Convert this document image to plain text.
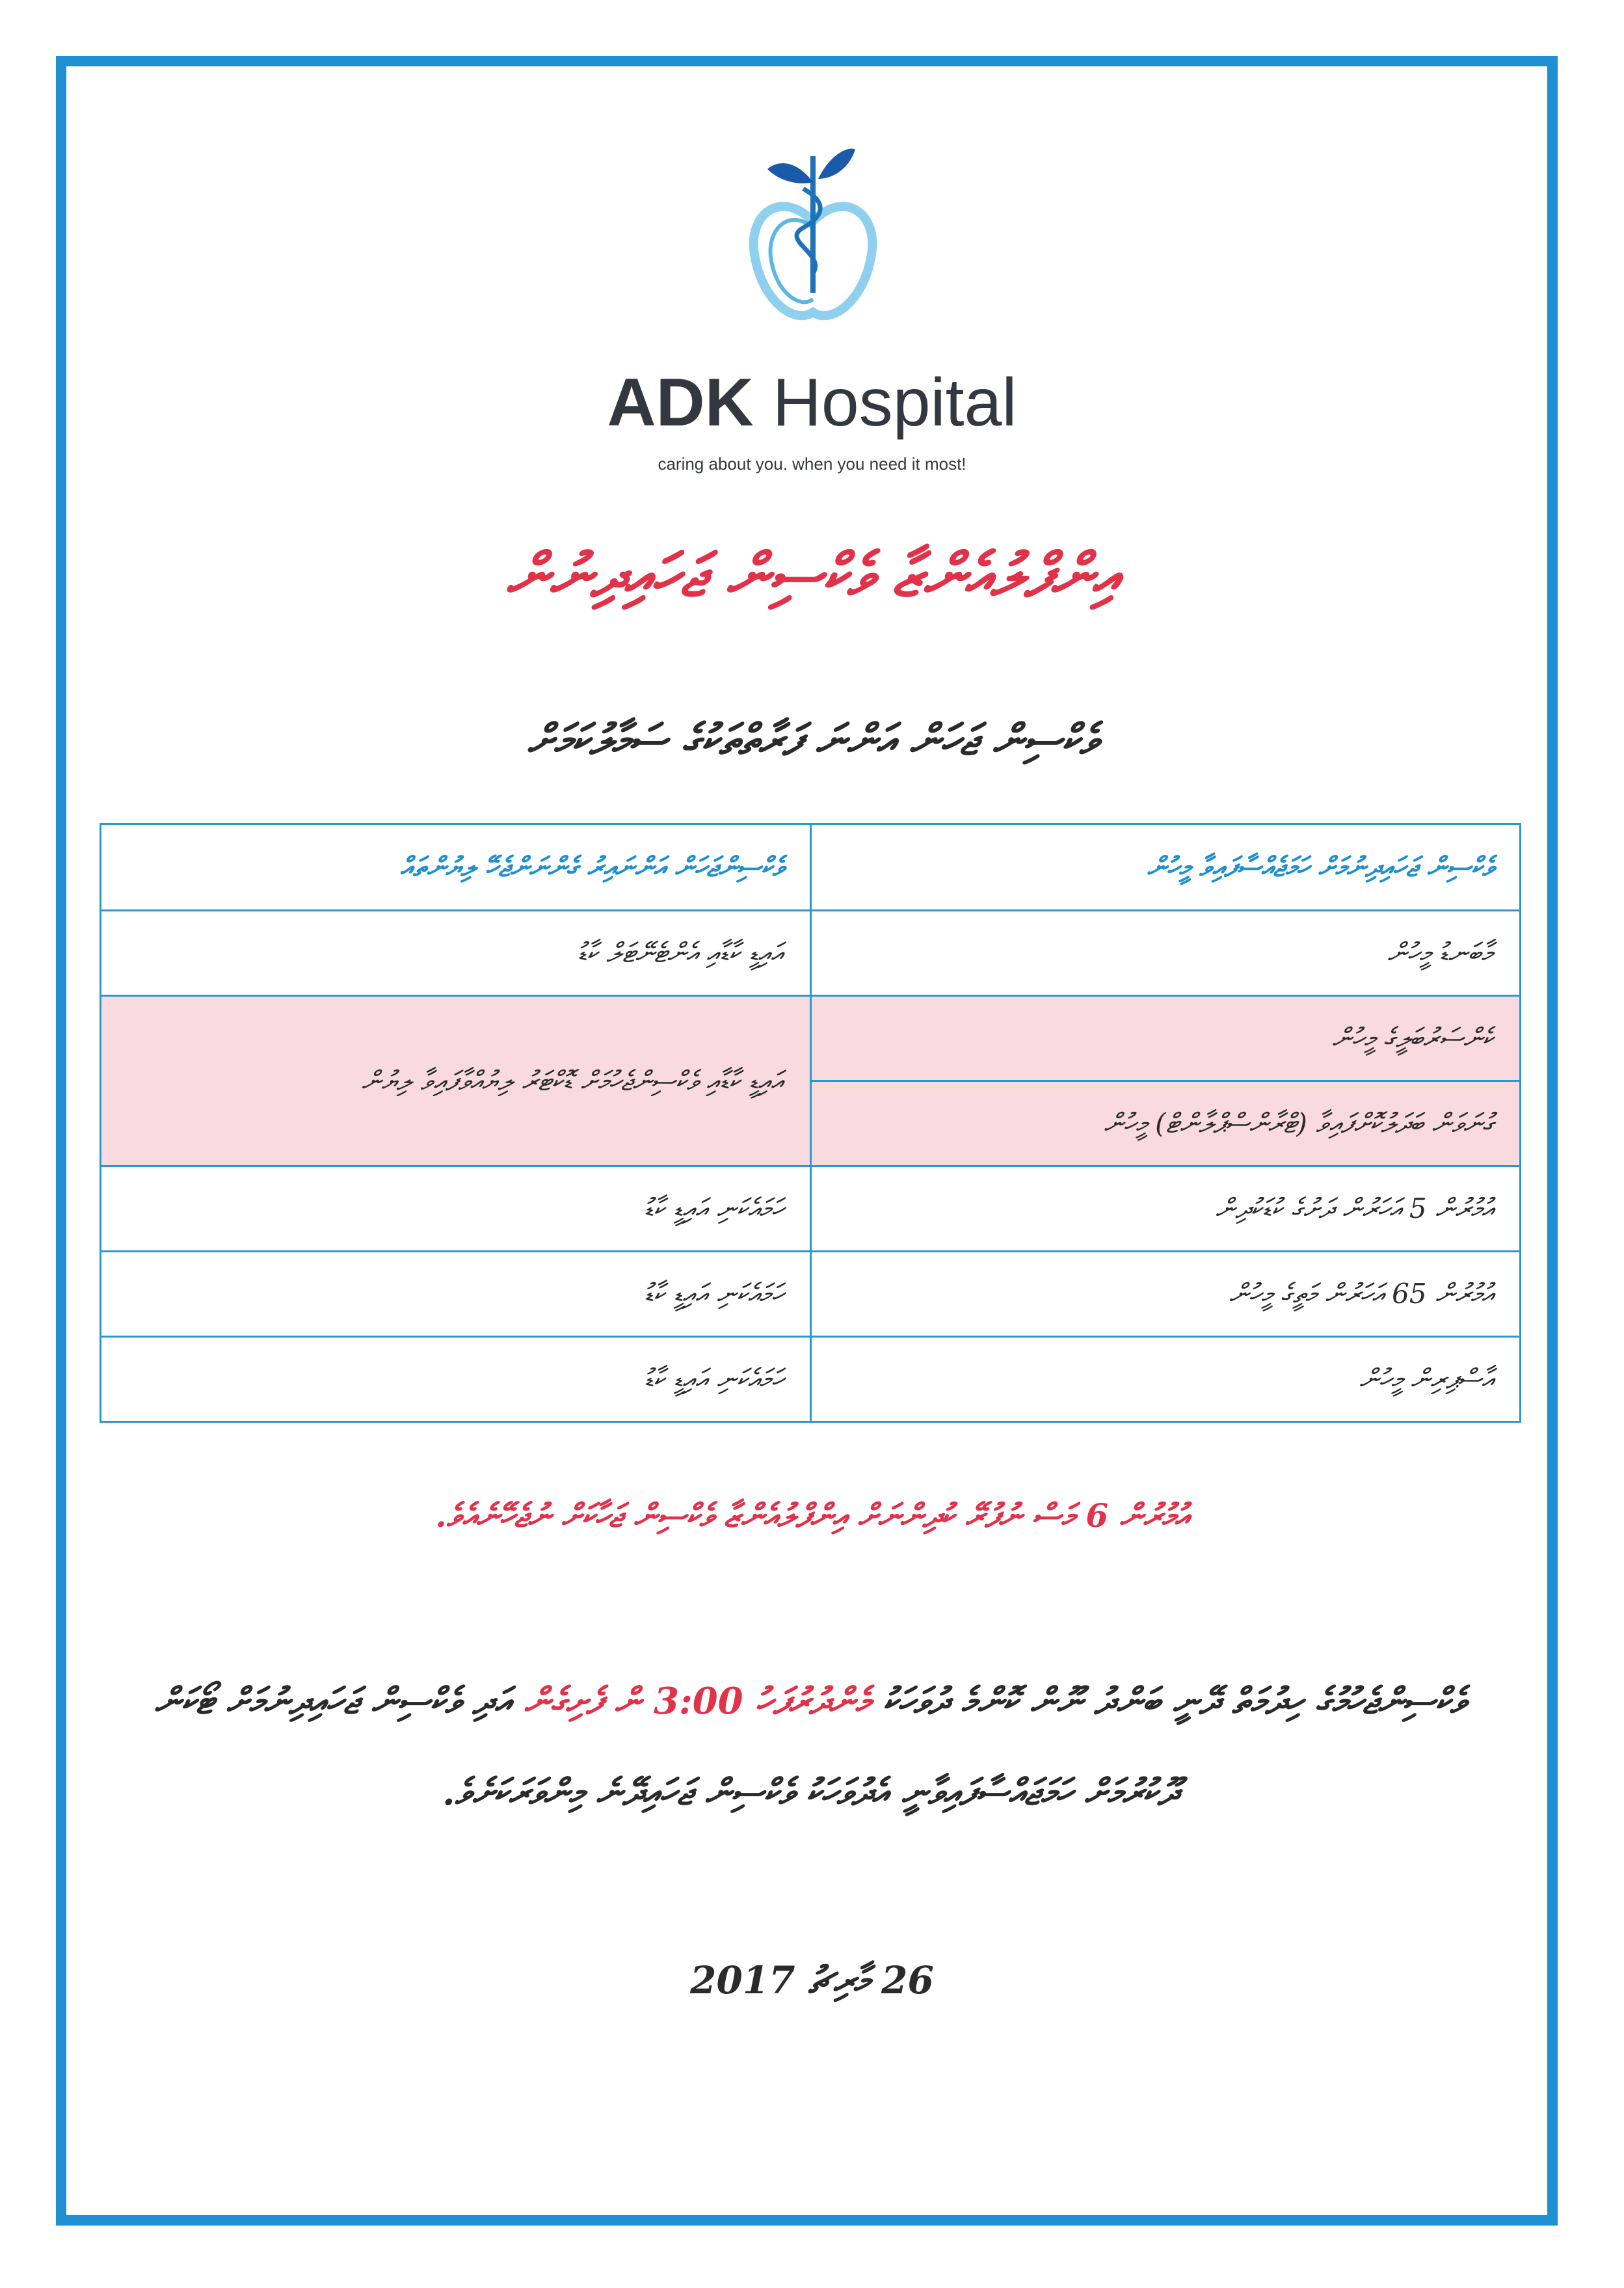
ADK Hospital
caring about you. when you need it most!
އިންފްލުއެންޒާ ވެކްސިން ޖަހައިދިނުން
ވެކްސިން ޖަހަން އަންނަ ފަރާތްތަކުގެ ސަމާލުކަމަށް
ވެކްސިން ޖަހައިދިނުމަށް ހަމަޖެއްސާފައިވާ މީހުން	ވެކްސިންޖަހަން އަންނައިރު ގެންނަންޖެހޭ ލިޔުންތައް
މާބަނޑު މީހުން	އައިޑީ ކާޑާއި އެންޓެނޭޓަލް ކާޑު
ކެންސަރުބަލީގެ މީހުން	އައިޑީ ކާޑާއި ވެކްސިންޖެހުމަށް ޑޮކްޓަރު ލިޔުއްވާފައިވާ ލިޔުން
ގުނަވަން ބަދަލުކޮށްފައިވާ (ޓްރާންސްޕްލާންޓް) މީހުން	
އުމުރުން 5 އަހަރުން ދަށުގެ ކުޑަކުދިން	ހަމައެކަނި އައިޑީ ކާޑު
އުމުރުން 65 އަހަރުން މަތީގެ މީހުން	ހަމައެކަނި އައިޑީ ކާޑު
އާސްޕިރިން މީހުން	ހަމައެކަނި އައިޑީ ކާޑު
އުމުރުން 6 މަސް ނުފުރޭ ކުދިންނަށް އިންފްލުއެންޒާ ވެކްސިން ޖަހާކަށް ނުޖެހޭނެއެވެ.
ވެކްސިންޖެހުމުގެ ހިދުމަތް ދޭނީ ބަންދު ނޫން ކޮންމެ ދުވަހަކު މެންދުރުފަހު 3:00 ން ފެށިގެން އަދި ވެކްސިން ޖަހައިދިނުމަށް ޓޯކަން ދޫކުރުމަށް ހަމަޖައްސާފައިވާނީ އެދުވަހަކު ވެކްސިން ޖަހައިދޭނެ މިންވަރަކަށެވެ.
26 މާރިޗު 2017
